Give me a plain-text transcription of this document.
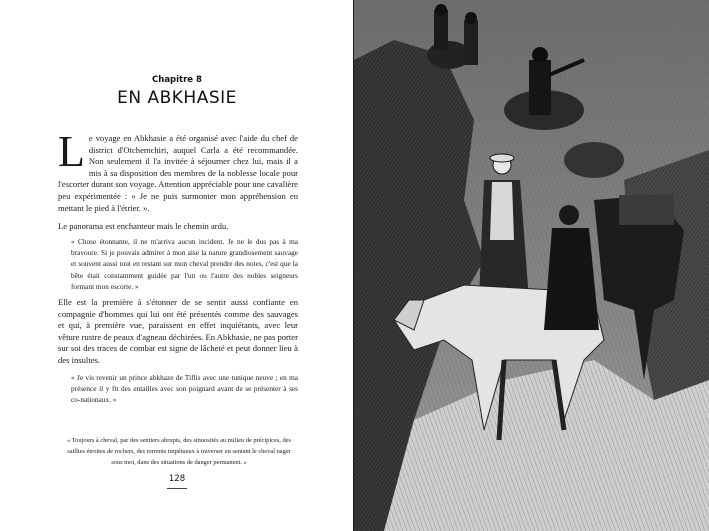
Chapitre 8
EN ABKHASIE
L e voyage en Abkhasie a été organisé avec l'aide du chef de district d'Otchemchiri, auquel Carla a été recommandée. Non seulement il l'a invitée à séjourner chez lui, mais il a mis à sa disposition des membres de la noblesse locale pour l'escorter durant son voyage. Attention appréciable pour une cavalière peu expérimentée : « Je ne puis surmonter mon appréhension en mettant le pied à l'étrier. ».

Le panorama est enchanteur mais le chemin ardu.

« Chose étonnante, il ne m'arriva aucun incident. Je ne le dus pas à ma bravoure. Si je pouvais admirer à mon aise la nature grandiosement sauvage et souvent aussi tout en restant sur mon cheval prendre des notes, c'est que la bête était constamment guidée par l'un ou l'autre des nobles seigneurs formant mon escorte. »

Elle est la première à s'étonner de se sentir aussi confiante en compagnie d'hommes qui lui ont été présentés comme des sauvages et qui, à première vue, paraissent en effet inquiétants, avec leur vêture rustre de peaux d'agneau déchirées. En Abkhasie, ne pas porter sur soi des traces de combat est signe de lâcheté et peut donner lieu à des insultes.

« Je vis revenir un prince abkhaze de Tiflis avec une tunique neuve ; en ma présence il y fit des entailles avec son poignard avant de se présenter à ses co-nationaux. »

« Toujours à cheval, par des sentiers abrupts, des sinuosités au milieu de précipices, des saillies étroites de rochers, des torrents impétueux à traverser en sentant le cheval nager sous moi, dans des situations de danger permanent. »
128
